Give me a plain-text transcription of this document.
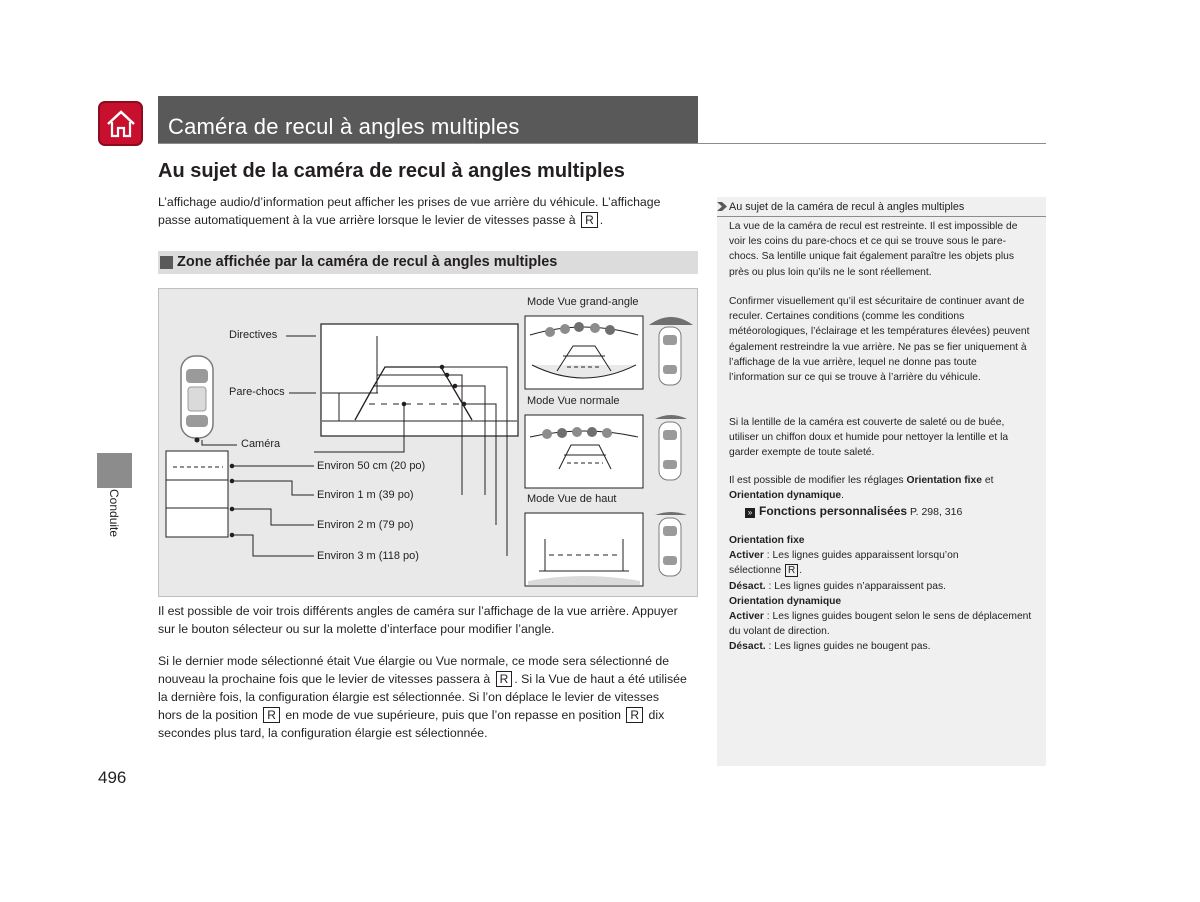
Caméra de recul à angles multiples
Conduite
Au sujet de la caméra de recul à angles multiples
L’affichage audio/d’information peut afficher les prises de vue arrière du véhicule. L’affichage
passe automatiquement à la vue arrière lorsque le levier de vitesses passe à R .
Zone affichée par la caméra de recul à angles multiples
Directives
Pare-chocs
Caméra
Environ 50 cm (20 po)
Environ 1 m (39 po)
Environ 2 m (79 po)
Environ 3 m (118 po)
Mode Vue grand-angle
Mode Vue normale
Mode Vue de haut
Il est possible de voir trois différents angles de caméra sur l’affichage de la vue arrière. Appuyer
sur le bouton sélecteur ou sur la molette d’interface pour modifier l’angle.
Si le dernier mode sélectionné était Vue élargie ou Vue normale, ce mode sera sélectionné de
nouveau la prochaine fois que le levier de vitesses passera à R . Si la Vue de haut a été utilisée
la dernière fois, la configuration élargie est sélectionnée. Si l’on déplace le levier de vitesses
hors de la position R en mode de vue supérieure, puis que l’on repasse en position R dix
secondes plus tard, la configuration élargie est sélectionnée.
496
Au sujet de la caméra de recul à angles multiples
La vue de la caméra de recul est restreinte. Il est impossible de voir les coins du pare-chocs et ce qui se trouve sous le pare-chocs. Sa lentille unique fait également paraître les objets plus près ou plus loin qu’ils ne le sont réellement.
Confirmer visuellement qu’il est sécuritaire de continuer avant de reculer. Certaines conditions (comme les conditions météorologiques, l’éclairage et les températures élevées) peuvent également restreindre la vue arrière. Ne pas se fier uniquement à l’affichage de la vue arrière, lequel ne donne pas toute l’information sur ce qui se trouve à l’arrière du véhicule.
Si la lentille de la caméra est couverte de saleté ou de buée, utiliser un chiffon doux et humide pour nettoyer la lentille et la garder exempte de toute saleté.
Il est possible de modifier les réglages Orientation fixe et
Orientation dynamique.
» Fonctions personnalisées P. 298, 316
Orientation fixe
Activer : Les lignes guides apparaissent lorsqu’on
sélectionne R .
Désact. : Les lignes guides n’apparaissent pas.
Orientation dynamique
Activer : Les lignes guides bougent selon le sens de déplacement du volant de direction.
Désact. : Les lignes guides ne bougent pas.
